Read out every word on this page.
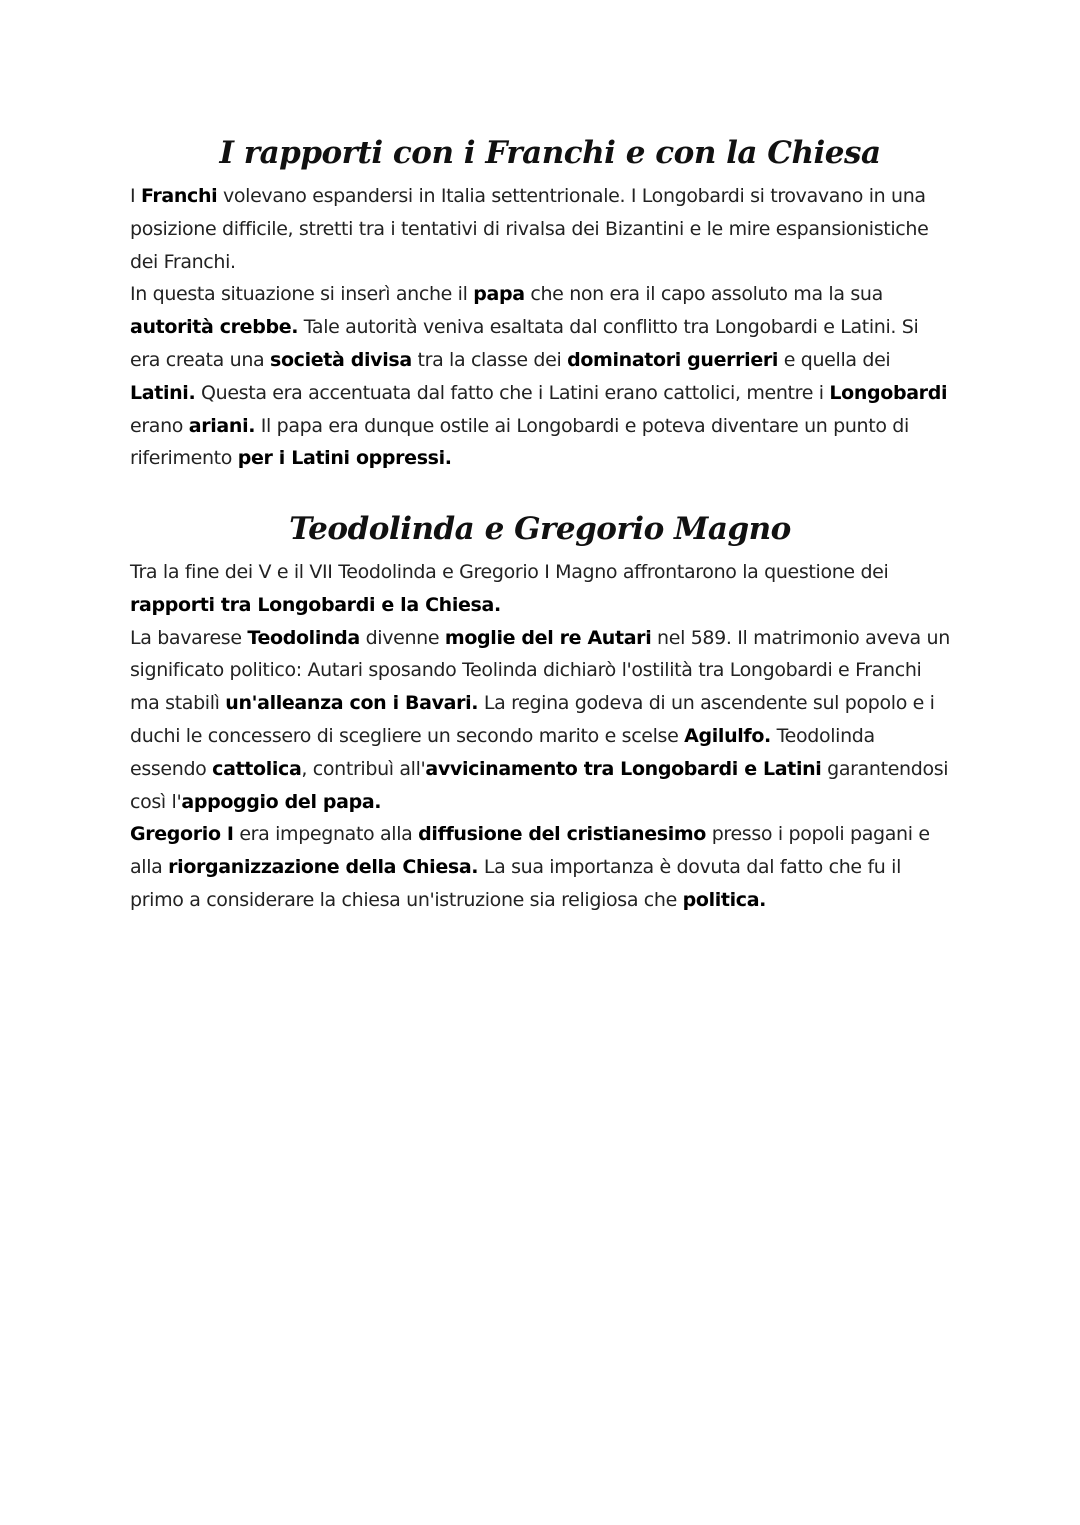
I rapporti con i Franchi e con la Chiesa

I Franchi volevano espandersi in Italia settentrionale. I Longobardi si trovavano in una posizione difficile, stretti tra i tentativi di rivalsa dei Bizantini e le mire espansionistiche dei Franchi.

In questa situazione si inserì anche il papa che non era il capo assoluto ma la sua autorità crebbe. Tale autorità veniva esaltata dal conflitto tra Longobardi e Latini. Si era creata una società divisa tra la classe dei dominatori guerrieri e quella dei Latini. Questa era accentuata dal fatto che i Latini erano cattolici, mentre i Longobardi erano ariani. Il papa era dunque ostile ai Longobardi e poteva diventare un punto di riferimento per i Latini oppressi.

Teodolinda e Gregorio Magno

Tra la fine dei V e il VII Teodolinda e Gregorio I Magno affrontarono la questione dei rapporti tra Longobardi e la Chiesa.

La bavarese Teodolinda divenne moglie del re Autari nel 589. Il matrimonio aveva un significato politico: Autari sposando Teolinda dichiarò l'ostilità tra Longobardi e Franchi ma stabilì un'alleanza con i Bavari. La regina godeva di un ascendente sul popolo e i duchi le concessero di scegliere un secondo marito e scelse Agilulfo. Teodolinda essendo cattolica, contribuì all'avvicinamento tra Longobardi e Latini garantendosi così l'appoggio del papa.

Gregorio I era impegnato alla diffusione del cristianesimo presso i popoli pagani e alla riorganizzazione della Chiesa. La sua importanza è dovuta dal fatto che fu il primo a considerare la chiesa un'istruzione sia religiosa che politica.
